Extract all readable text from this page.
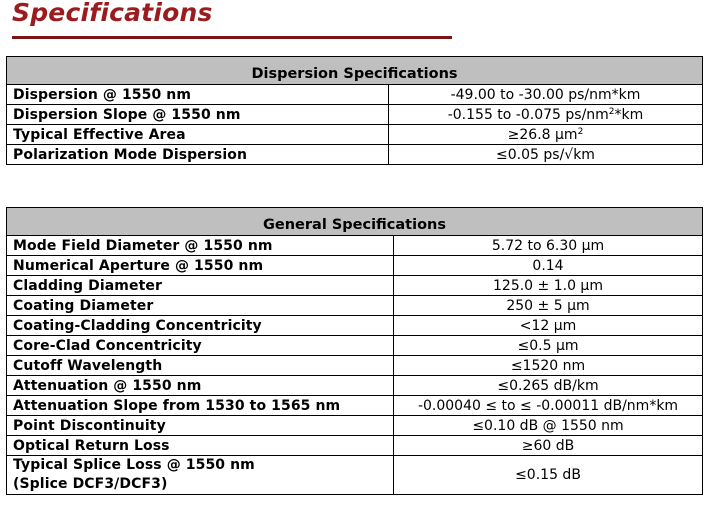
Specifications
Dispersion Specifications	
Dispersion @ 1550 nm	-49.00 to -30.00 ps/nm*km
Dispersion Slope @ 1550 nm	-0.155 to -0.075 $ps/nm^2*km$
Typical Effective Area	≥26.8 µm$^2$
Polarization Mode Dispersion	≤0.05 ps/√km
General Specifications	
Mode Field Diameter @ 1550 nm	5.72 to 6.30 µm
Numerical Aperture @ 1550 nm	0.14
Cladding Diameter	125.0 ± 1.0 µm
Coating Diameter	250 ± 5 µm
Coating-Cladding Concentricity	<12 µm
Core-Clad Concentricity	≤0.5 µm
Cutoff Wavelength	≤1520 nm
Attenuation @ 1550 nm	≤0.265 dB/km
Attenuation Slope from 1530 to 1565 nm	-0.00040 ≤ to ≤ -0.00011 dB/nm*km
Point Discontinuity	≤0.10 dB @ 1550 nm
Optical Return Loss	≥60 dB
Typical Splice Loss @ 1550 nm
(Splice DCF3/DCF3)	≤0.15 dB
